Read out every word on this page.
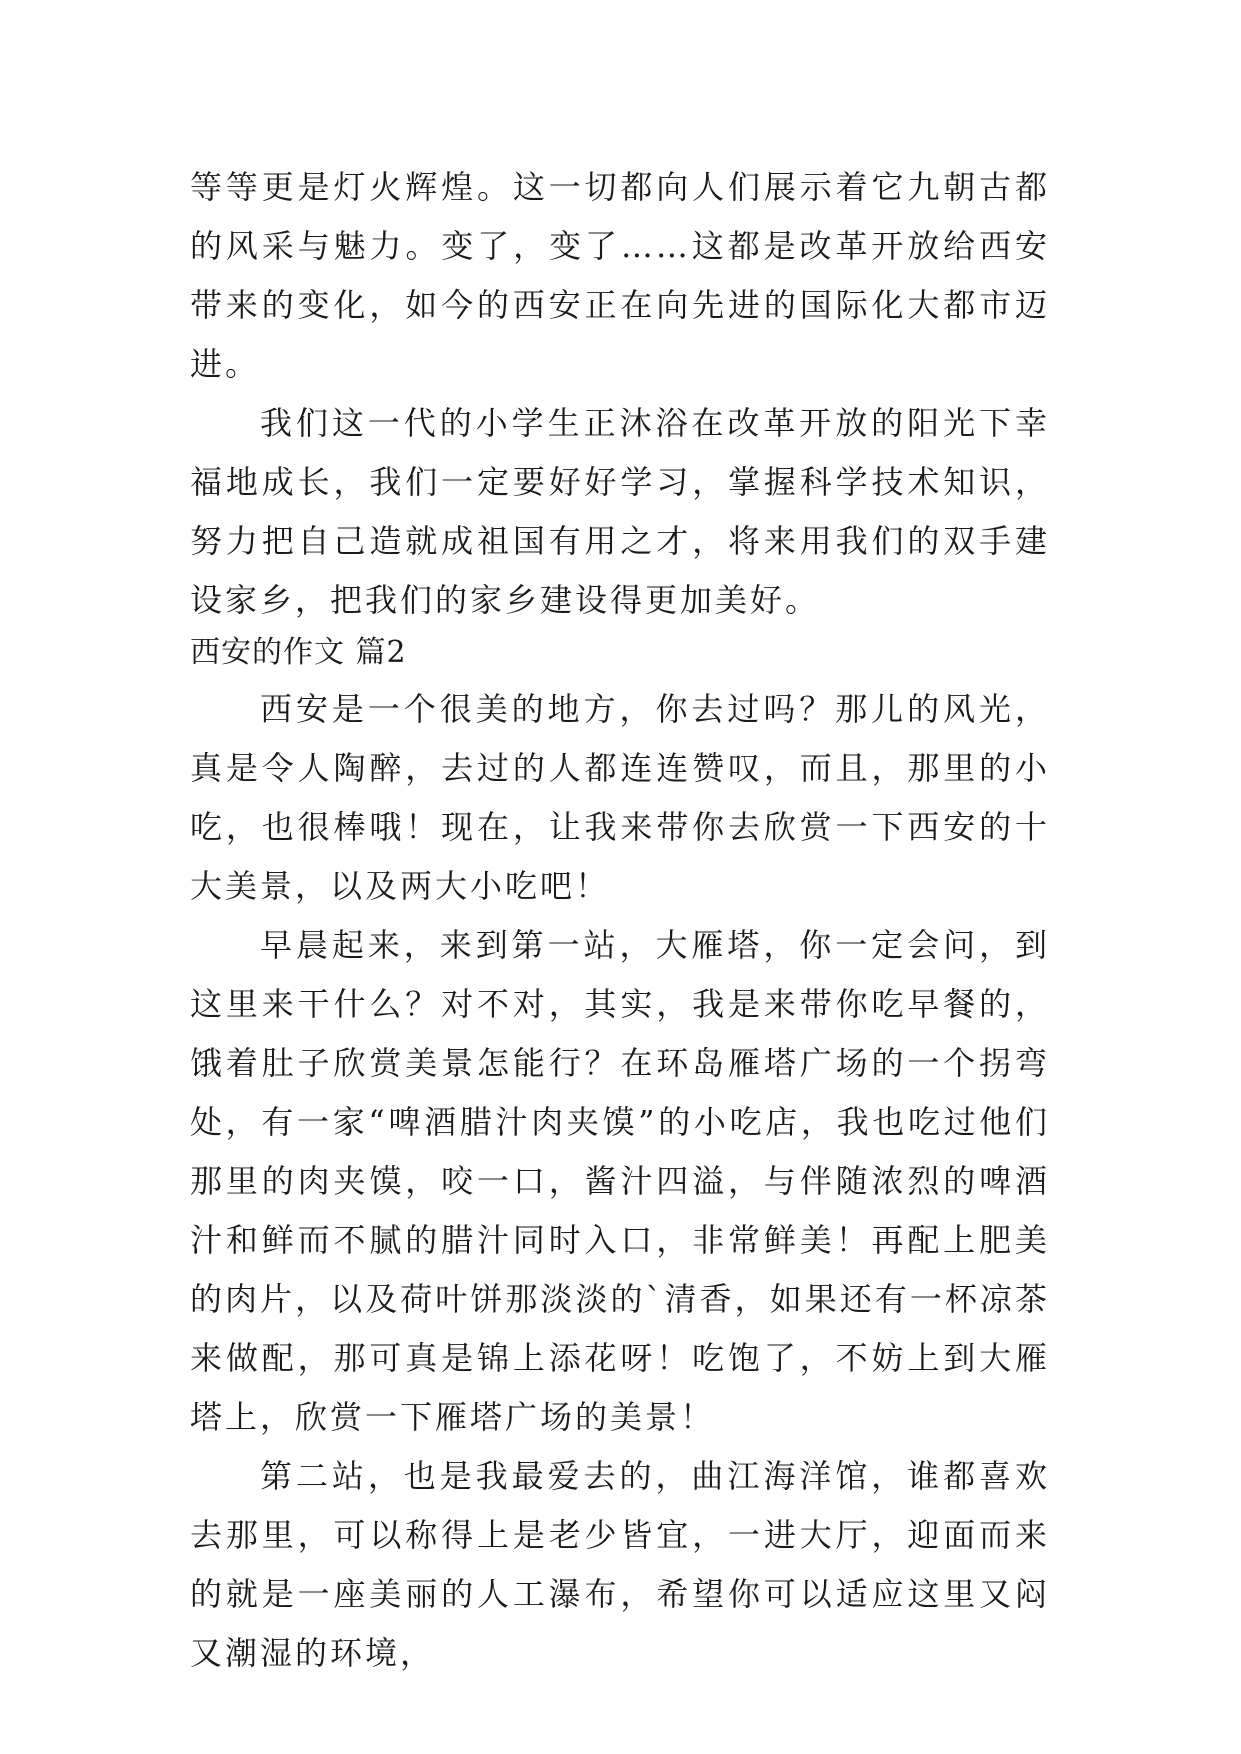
等等更是灯火辉煌。这一切都向人们展示着它九朝古都的风采与魅力。变了，变了……这都是改革开放给西安带来的变化，如今的西安正在向先进的国际化大都市迈进。

我们这一代的小学生正沐浴在改革开放的阳光下幸福地成长，我们一定要好好学习，掌握科学技术知识，努力把自己造就成祖国有用之才，将来用我们的双手建设家乡，把我们的家乡建设得更加美好。

西安的作文 篇2

西安是一个很美的地方，你去过吗？那儿的风光，真是令人陶醉，去过的人都连连赞叹，而且，那里的小吃，也很棒哦！现在，让我来带你去欣赏一下西安的十大美景，以及两大小吃吧！

早晨起来，来到第一站，大雁塔，你一定会问，到这里来干什么？对不对，其实，我是来带你吃早餐的，饿着肚子欣赏美景怎能行？在环岛雁塔广场的一个拐弯处，有一家“啤酒腊汁肉夹馍”的小吃店，我也吃过他们那里的肉夹馍，咬一口，酱汁四溢，与伴随浓烈的啤酒汁和鲜而不腻的腊汁同时入口，非常鲜美！再配上肥美的肉片，以及荷叶饼那淡淡的`清香，如果还有一杯凉茶来做配，那可真是锦上添花呀！吃饱了，不妨上到大雁塔上，欣赏一下雁塔广场的美景！

第二站，也是我最爱去的，曲江海洋馆，谁都喜欢去那里，可以称得上是老少皆宜，一进大厅，迎面而来的就是一座美丽的人工瀑布，希望你可以适应这里又闷又潮湿的环境，
